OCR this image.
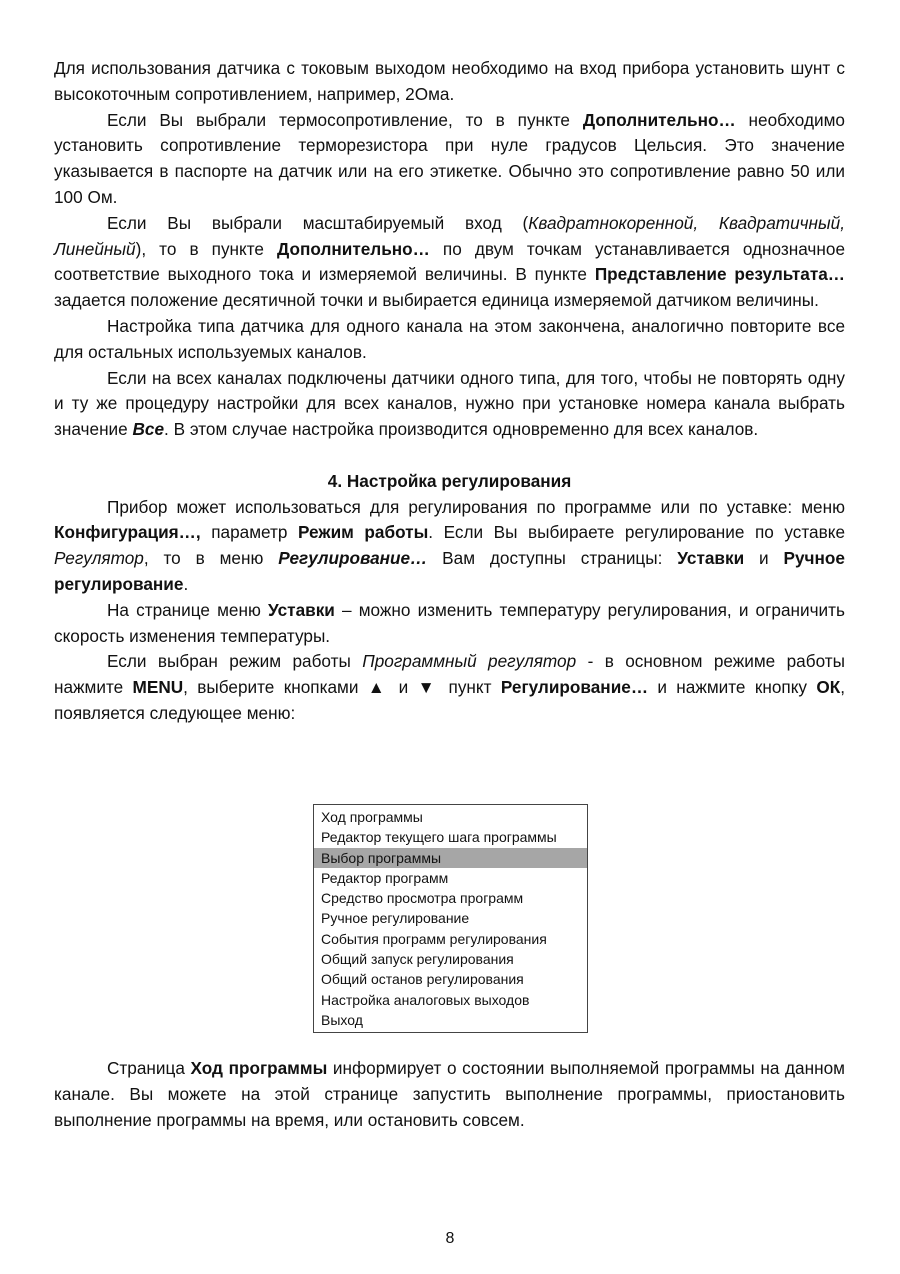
Для использования датчика с токовым выходом необходимо на вход прибора установить шунт с высокоточным сопротивлением, например, 2Ома.

Если Вы выбрали термосопротивление, то в пункте Дополнительно… необходимо установить сопротивление терморезистора при нуле градусов Цельсия. Это значение указывается в паспорте на датчик или на его этикетке. Обычно это сопротивление равно 50 или 100 Ом.

Если Вы выбрали масштабируемый вход (Квадратнокоренной, Квадратичный, Линейный), то в пункте Дополнительно… по двум точкам устанавливается однозначное соответствие выходного тока и измеряемой величины. В пункте Представление результата… задается положение десятичной точки и выбирается единица измеряемой датчиком величины.

Настройка типа датчика для одного канала на этом закончена, аналогично повторите все для остальных используемых каналов.

Если на всех каналах подключены датчики одного типа, для того, чтобы не повторять одну и ту же процедуру настройки для всех каналов, нужно при установке номера канала выбрать значение Все. В этом случае настройка производится одновременно для всех каналов.

4. Настройка регулирования

Прибор может использоваться для регулирования по программе или по уставке: меню Конфигурация…, параметр Режим работы. Если Вы выбираете регулирование по уставке Регулятор, то в меню Регулирование… Вам доступны страницы: Уставки и Ручное регулирование.

На странице меню Уставки – можно изменить температуру регулирования, и ограничить скорость изменения температуры.

Если выбран режим работы Программный регулятор - в основном режиме работы нажмите MENU, выберите кнопками ▲ и ▼ пункт Регулирование… и нажмите кнопку ОК, появляется следующее меню:

Ход программы
Редактор текущего шага программы
Выбор программы
Редактор программ
Средство просмотра программ
Ручное регулирование
События программ регулирования
Общий запуск регулирования
Общий останов регулирования
Настройка аналоговых выходов
Выход

Страница Ход программы информирует о состоянии выполняемой программы на данном канале. Вы можете на этой странице запустить выполнение программы, приостановить выполнение программы на время, или остановить совсем.

8
